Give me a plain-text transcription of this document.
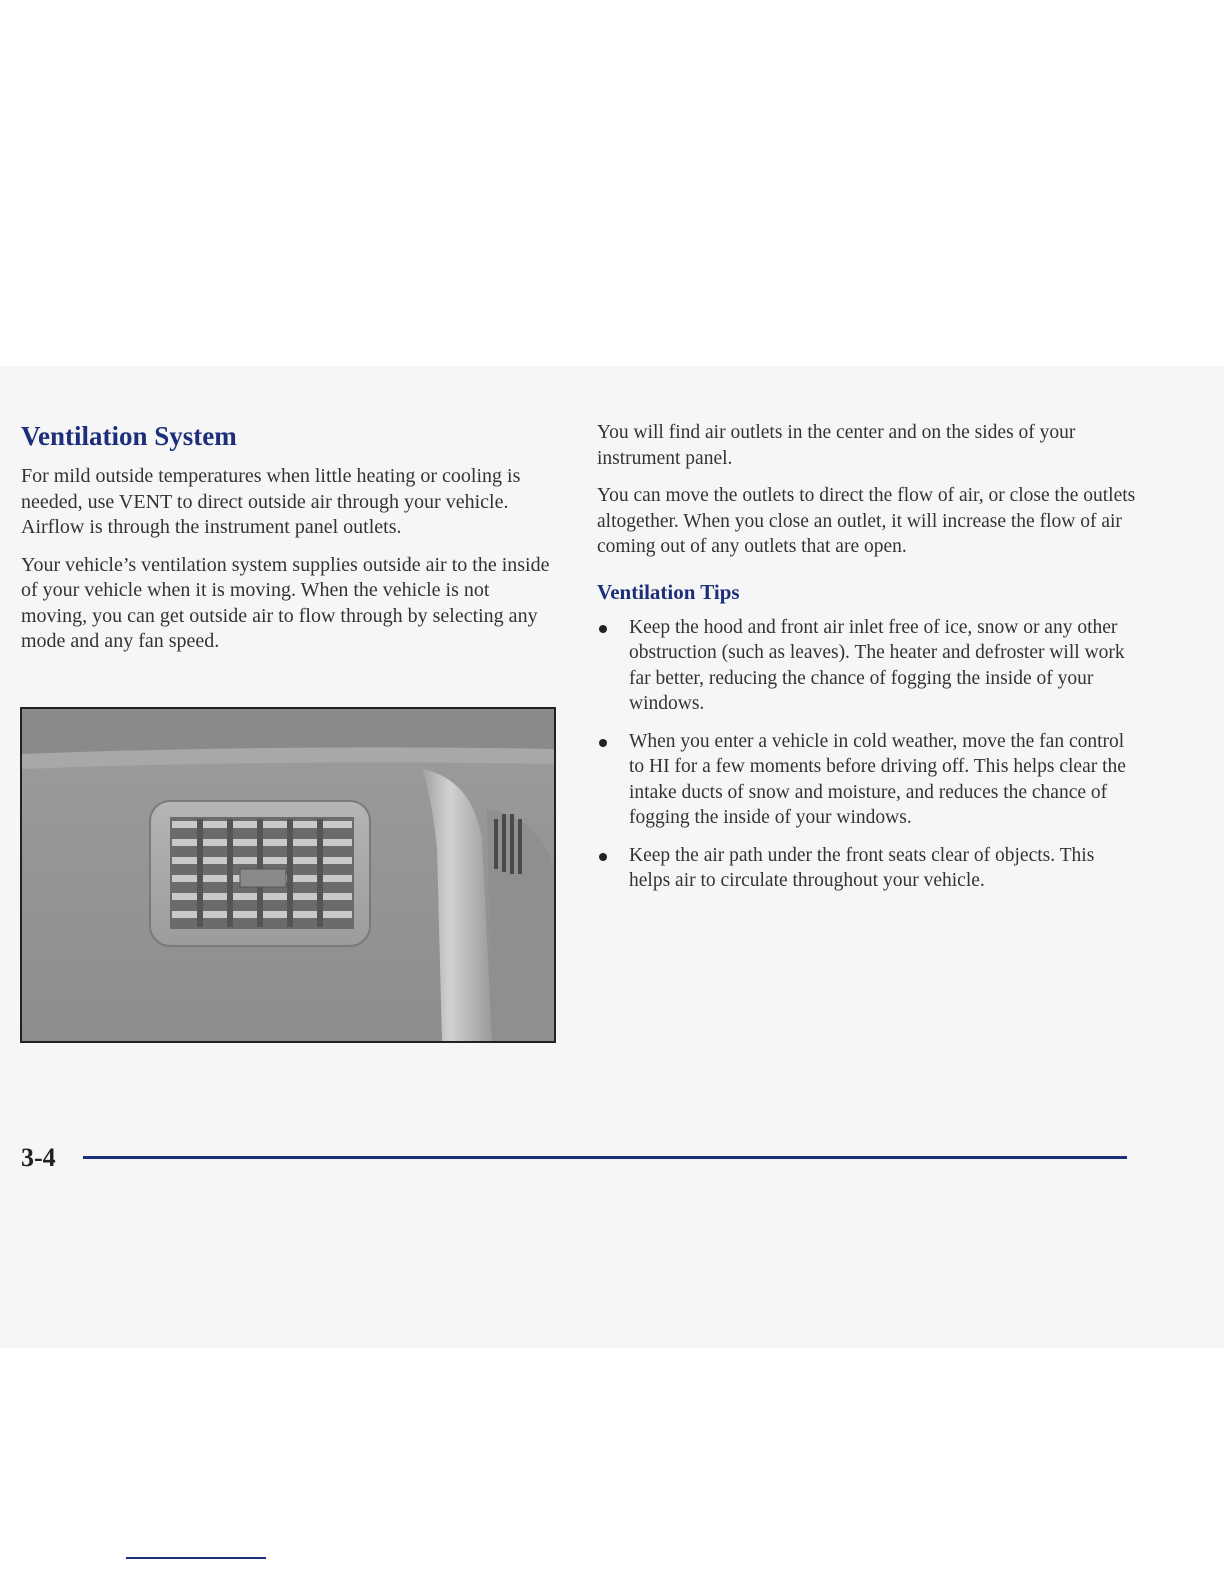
Ventilation System

For mild outside temperatures when little heating or cooling is needed, use VENT to direct outside air through your vehicle. Airflow is through the instrument panel outlets.

Your vehicle’s ventilation system supplies outside air to the inside of your vehicle when it is moving. When the vehicle is not moving, you can get outside air to flow through by selecting any mode and any fan speed.

You will find air outlets in the center and on the sides of your instrument panel.

You can move the outlets to direct the flow of air, or close the outlets altogether. When you close an outlet, it will increase the flow of air coming out of any outlets that are open.

Ventilation Tips
Keep the hood and front air inlet free of ice, snow or any other obstruction (such as leaves). The heater and defroster will work far better, reducing the chance of fogging the inside of your windows.
When you enter a vehicle in cold weather, move the fan control to HI for a few moments before driving off. This helps clear the intake ducts of snow and moisture, and reduces the chance of fogging the inside of your windows.
Keep the air path under the front seats clear of objects. This helps air to circulate throughout your vehicle.
3-4
